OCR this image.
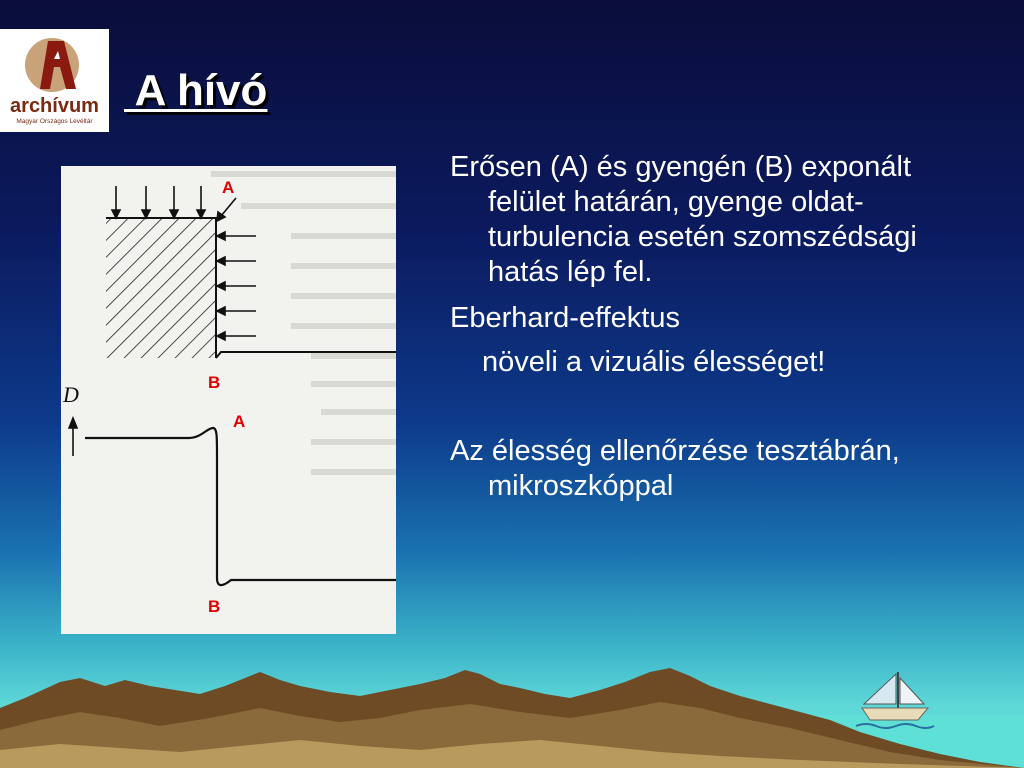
archívum
Magyar Országos Levéltár
A hívó
A
B
A
B
D
Erősen (A) és gyengén (B) exponált felület határán, gyenge oldat-turbulencia esetén szomszédsági hatás lép fel.
Eberhard-effektus
növeli a vizuális élességet!
Az élesség ellenőrzése tesztábrán, mikroszkóppal
